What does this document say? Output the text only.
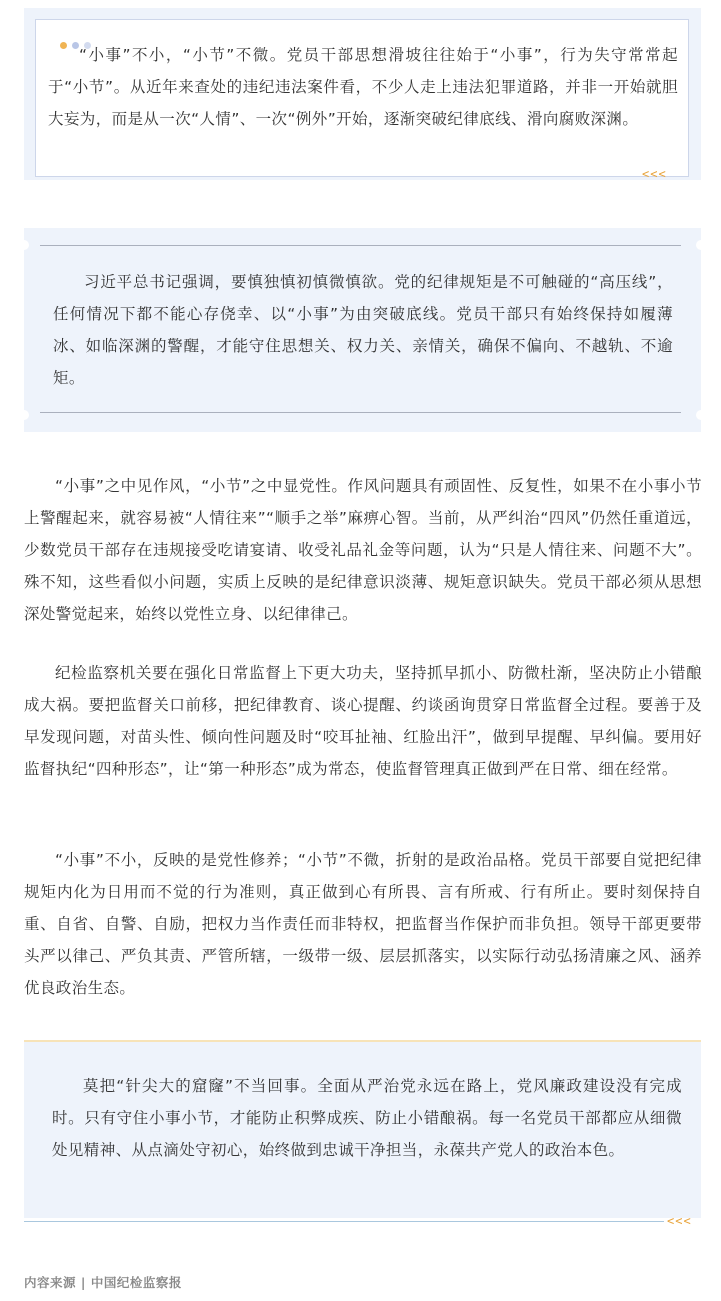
“小事”不小，“小节”不微。党员干部思想滑坡往往始于“小事”，行为失守常常起于“小节”。从近年来查处的违纪违法案件看，不少人走上违法犯罪道路，并非一开始就胆大妄为，而是从一次“人情”、一次“例外”开始，逐渐突破纪律底线、滑向腐败深渊。

<<<

习近平总书记强调，要慎独慎初慎微慎欲。党的纪律规矩是不可触碰的“高压线”，任何情况下都不能心存侥幸、以“小事”为由突破底线。党员干部只有始终保持如履薄冰、如临深渊的警醒，才能守住思想关、权力关、亲情关，确保不偏向、不越轨、不逾矩。

“小事”之中见作风，“小节”之中显党性。作风问题具有顽固性、反复性，如果不在小事小节上警醒起来，就容易被“人情往来”“顺手之举”麻痹心智。当前，从严纠治“四风”仍然任重道远，少数党员干部存在违规接受吃请宴请、收受礼品礼金等问题，认为“只是人情往来、问题不大”。殊不知，这些看似小问题，实质上反映的是纪律意识淡薄、规矩意识缺失。党员干部必须从思想深处警觉起来，始终以党性立身、以纪律律己。

纪检监察机关要在强化日常监督上下更大功夫，坚持抓早抓小、防微杜渐，坚决防止小错酿成大祸。要把监督关口前移，把纪律教育、谈心提醒、约谈函询贯穿日常监督全过程。要善于及早发现问题，对苗头性、倾向性问题及时“咬耳扯袖、红脸出汗”，做到早提醒、早纠偏。要用好监督执纪“四种形态”，让“第一种形态”成为常态，使监督管理真正做到严在日常、细在经常。

“小事”不小，反映的是党性修养；“小节”不微，折射的是政治品格。党员干部要自觉把纪律规矩内化为日用而不觉的行为准则，真正做到心有所畏、言有所戒、行有所止。要时刻保持自重、自省、自警、自励，把权力当作责任而非特权，把监督当作保护而非负担。领导干部更要带头严以律己、严负其责、严管所辖，一级带一级、层层抓落实，以实际行动弘扬清廉之风、涵养优良政治生态。

莫把“针尖大的窟窿”不当回事。全面从严治党永远在路上，党风廉政建设没有完成时。只有守住小事小节，才能防止积弊成疾、防止小错酿祸。每一名党员干部都应从细微处见精神、从点滴处守初心，始终做到忠诚干净担当，永葆共产党人的政治本色。

<<<
内容来源 | 中国纪检监察报
